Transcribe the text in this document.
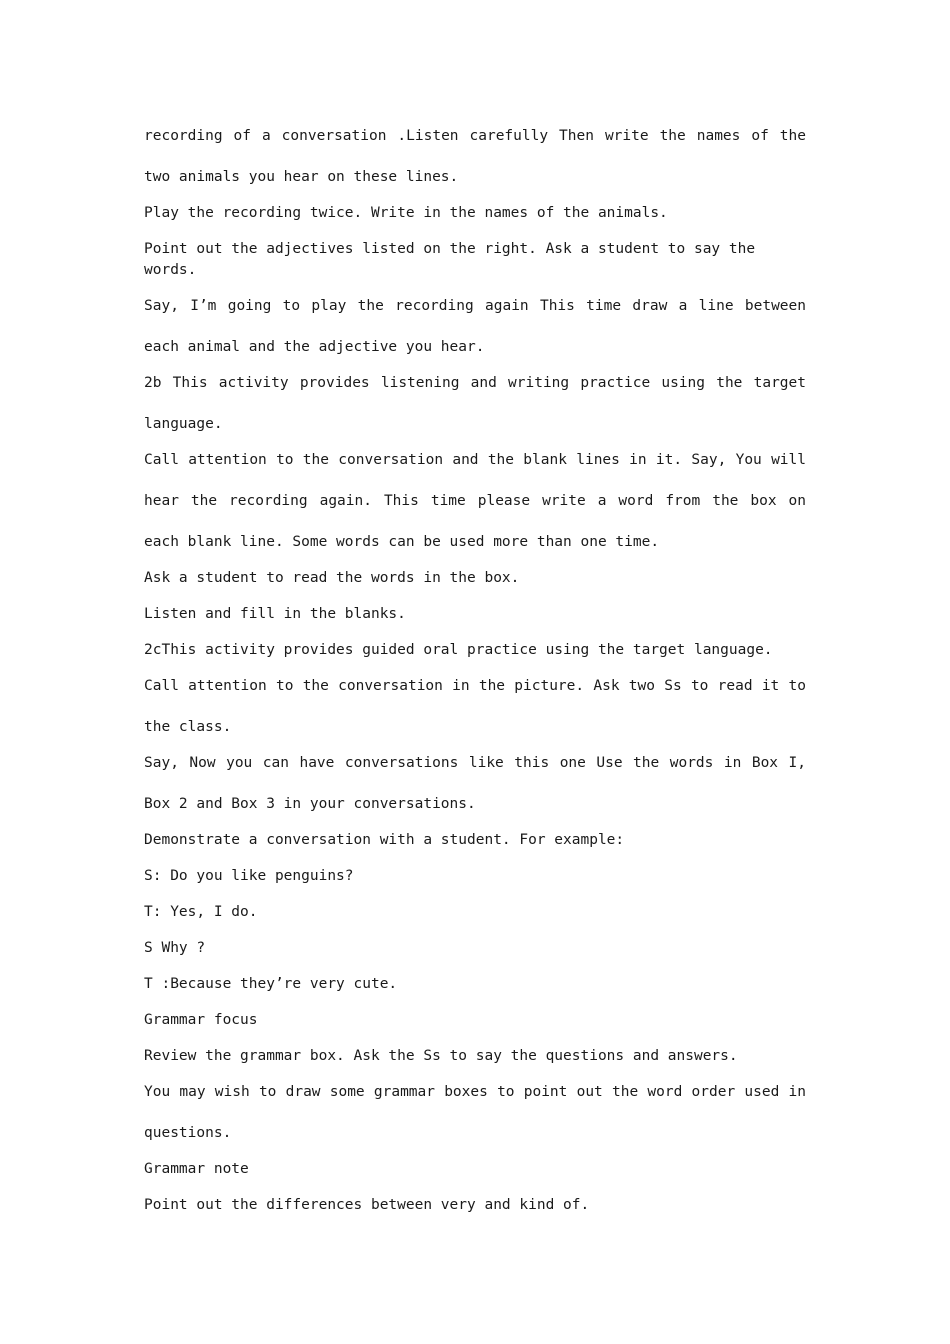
recording of a conversation .Listen carefully Then write the names of the two animals you hear on these lines.

Play the recording twice. Write in the names of the animals.

Point out the adjectives listed on the right. Ask a student to say the words.

Say, I’m going to play the recording again This time draw a line between each animal and the adjective you hear.

2b This activity provides listening and writing practice using the target language.

Call attention to the conversation and the blank lines in it. Say, You will hear the recording again. This time please write a word from the box on each blank line. Some words can be used more than one time.

Ask a student to read the words in the box.

Listen and fill in the blanks.

2cThis activity provides guided oral practice using the target language.

Call attention to the conversation in the picture. Ask two Ss to read it to the class.

Say, Now you can have conversations like this one Use the words in Box I, Box 2 and Box 3 in your conversations.

Demonstrate a conversation with a student. For example:

S: Do you like penguins?

T: Yes, I do.

S Why ?

T :Because they’re very cute.

Grammar focus

Review the grammar box. Ask the Ss to say the questions and answers.

You may wish to draw some grammar boxes to point out the word order used in questions.

Grammar note

Point out the differences between very and kind of.
